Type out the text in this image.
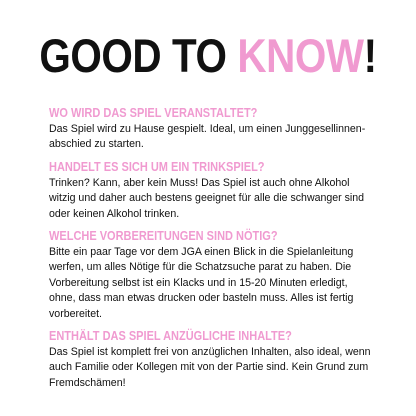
GOOD TO KNOW!
WO WIRD DAS SPIEL VERANSTALTET?

Das Spiel wird zu Hause gespielt. Ideal, um einen Junggesellinnen-abschied zu starten.

HANDELT ES SICH UM EIN TRINKSPIEL?

Trinken? Kann, aber kein Muss! Das Spiel ist auch ohne Alkohol witzig und daher auch bestens geeignet für alle die schwanger sind oder keinen Alkohol trinken.

WELCHE VORBEREITUNGEN SIND NÖTIG?

Bitte ein paar Tage vor dem JGA einen Blick in die Spielanleitung werfen, um alles Nötige für die Schatzsuche parat zu haben. Die Vorbereitung selbst ist ein Klacks und in 15-20 Minuten erledigt, ohne, dass man etwas drucken oder basteln muss. Alles ist fertig vorbereitet.

ENTHÄLT DAS SPIEL ANZÜGLICHE INHALTE?

Das Spiel ist komplett frei von anzüglichen Inhalten, also ideal, wenn auch Familie oder Kollegen mit von der Partie sind. Kein Grund zum Fremdschämen!
